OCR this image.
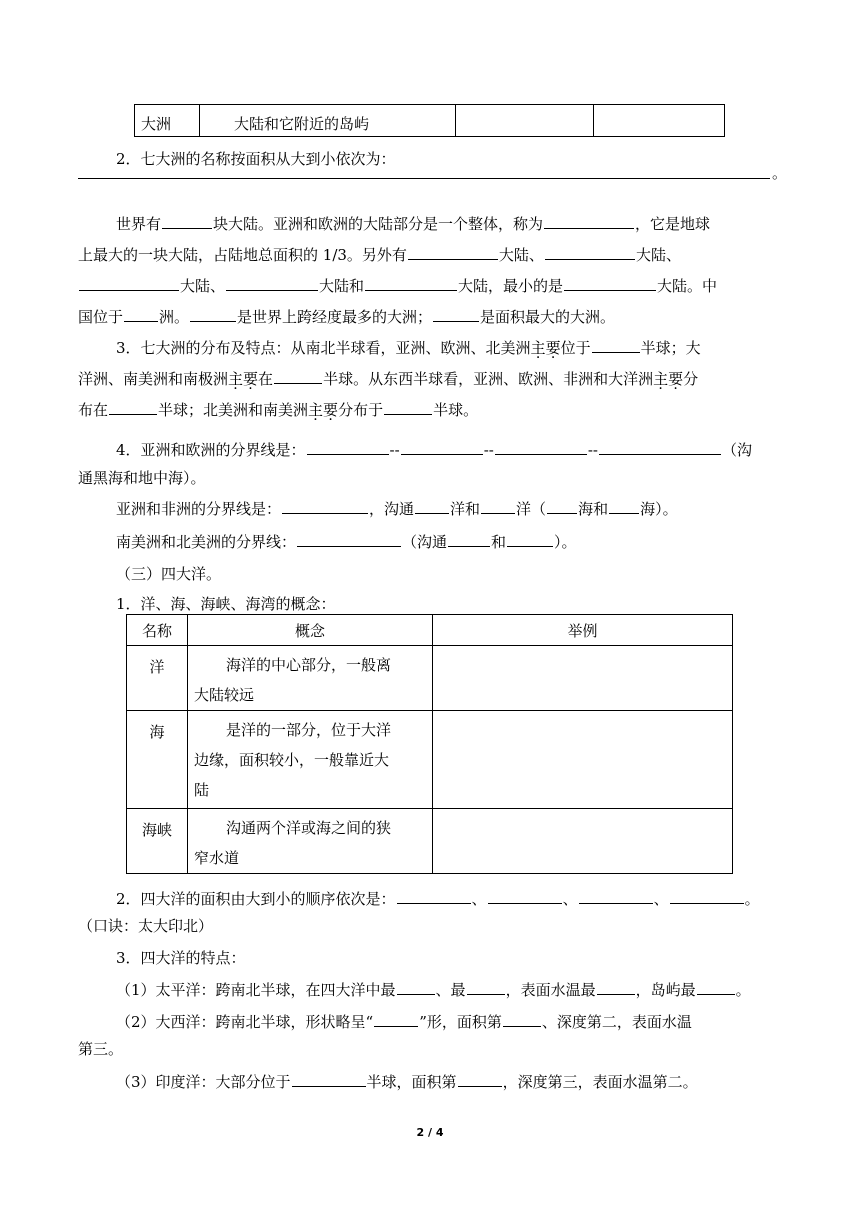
大洲	大陆和它附近的岛屿		
2．七大洲的名称按面积从大到小依次为：
。
世界有	块大陆。亚洲和欧洲的大陆部分是一个整体，称为	，它是地球
上最大的一块大陆，占陆地总面积的 1/3。另外有	大陆、	大陆、
大陆、	大陆和	大陆，最小的是	大陆。中
国位于 洲。	是世界上跨经度最多的大洲；	是面积最大的大洲。
3．七大洲的分布及特点：从南北半球看，亚洲、欧洲、北美洲主要位于	半球；大
洋洲、南美洲和南极洲主要在	半球。从东西半球看，亚洲、欧洲、非洲和大洋洲主要分
布在	半球；北美洲和南美洲主要分布于	半球。
4．亚洲和欧洲的分界线是：	--	--	--	（沟
通黑海和地中海）。
亚洲和非洲的分界线是：	，沟通 洋和 洋（ 海和 海）。
南美洲和北美洲的分界线：	（沟通	和	）。
（三）四大洋。
1．洋、海、海峡、海湾的概念：
名称	概念	举例
洋	海洋的中心部分，一般离
大陆较远	

海	是洋的一部分，位于大洋
边缘，面积较小，一般靠近大
陆	

海峡	沟通两个洋或海之间的狭
窄水道	

2．四大洋的面积由大到小的顺序依次是：	、	、	、	。
（口诀：太大印北）
3．四大洋的特点：
（1）太平洋：跨南北半球，在四大洋中最	、最	，表面水温最	，岛屿最	。
（2）大西洋：跨南北半球，形状略呈“	”形，面积第	、深度第二，表面水温
第三。
（3）印度洋：大部分位于	半球，面积第	，深度第三，表面水温第二。
2 / 4
